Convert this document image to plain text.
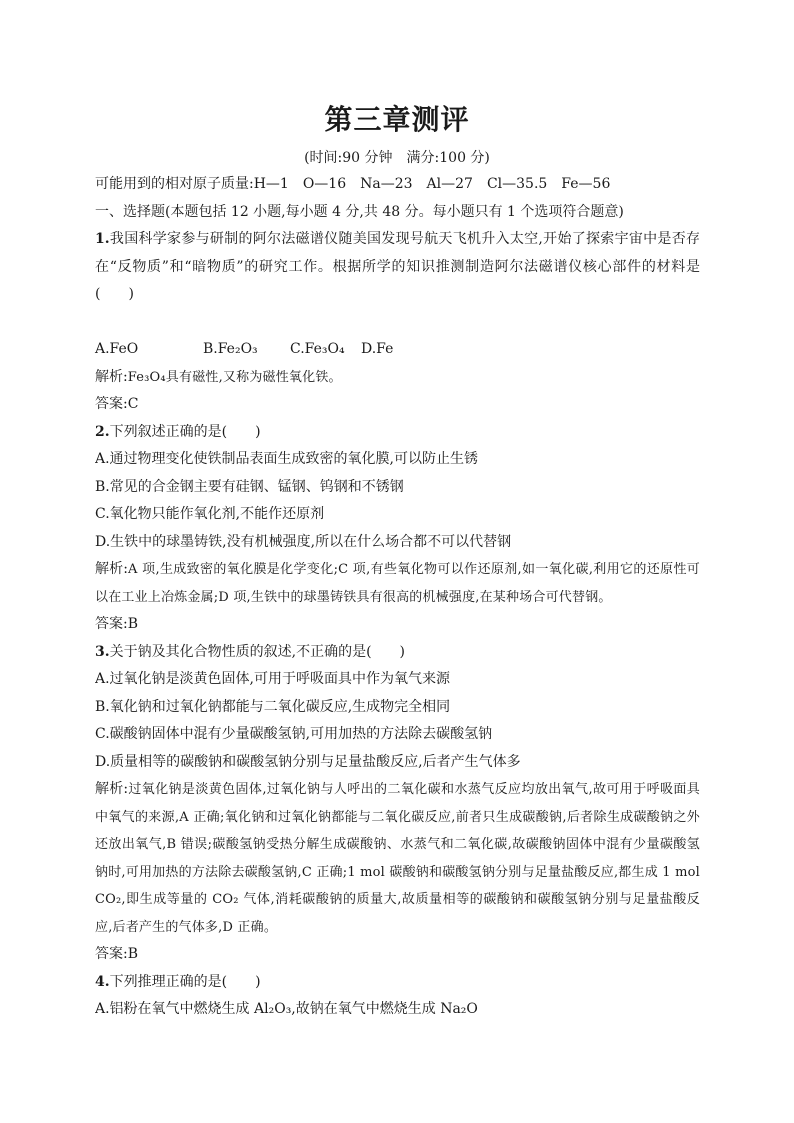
第三章测评
(时间:90 分钟　满分:100 分)

可能用到的相对原子质量:H—1　O—16　Na—23　Al—27　Cl—35.5　Fe—56

一、选择题(本题包括 12 小题,每小题 4 分,共 48 分。每小题只有 1 个选项符合题意)

1.我国科学家参与研制的阿尔法磁谱仪随美国发现号航天飞机升入太空,开始了探索宇宙中是否存在“反物质”和“暗物质”的研究工作。根据所学的知识推测制造阿尔法磁谱仪核心部件的材料是(　　)

A.FeO	B.Fe₂O₃	C.Fe₃O₄	D.Fe

解析:Fe₃O₄具有磁性,又称为磁性氧化铁。

答案:C

2.下列叙述正确的是(　　)

A.通过物理变化使铁制品表面生成致密的氧化膜,可以防止生锈

B.常见的合金钢主要有硅钢、锰钢、钨钢和不锈钢

C.氧化物只能作氧化剂,不能作还原剂

D.生铁中的球墨铸铁,没有机械强度,所以在什么场合都不可以代替钢

解析:A 项,生成致密的氧化膜是化学变化;C 项,有些氧化物可以作还原剂,如一氧化碳,利用它的还原性可以在工业上冶炼金属;D 项,生铁中的球墨铸铁具有很高的机械强度,在某种场合可代替钢。

答案:B

3.关于钠及其化合物性质的叙述,不正确的是(　　)

A.过氧化钠是淡黄色固体,可用于呼吸面具中作为氧气来源

B.氧化钠和过氧化钠都能与二氧化碳反应,生成物完全相同

C.碳酸钠固体中混有少量碳酸氢钠,可用加热的方法除去碳酸氢钠

D.质量相等的碳酸钠和碳酸氢钠分别与足量盐酸反应,后者产生气体多

解析:过氧化钠是淡黄色固体,过氧化钠与人呼出的二氧化碳和水蒸气反应均放出氧气,故可用于呼吸面具中氧气的来源,A 正确;氧化钠和过氧化钠都能与二氧化碳反应,前者只生成碳酸钠,后者除生成碳酸钠之外还放出氧气,B 错误;碳酸氢钠受热分解生成碳酸钠、水蒸气和二氧化碳,故碳酸钠固体中混有少量碳酸氢钠时,可用加热的方法除去碳酸氢钠,C 正确;1 mol 碳酸钠和碳酸氢钠分别与足量盐酸反应,都生成 1 mol CO₂,即生成等量的 CO₂ 气体,消耗碳酸钠的质量大,故质量相等的碳酸钠和碳酸氢钠分别与足量盐酸反应,后者产生的气体多,D 正确。

答案:B

4.下列推理正确的是(　　)

A.铝粉在氧气中燃烧生成 Al₂O₃,故钠在氧气中燃烧生成 Na₂O
